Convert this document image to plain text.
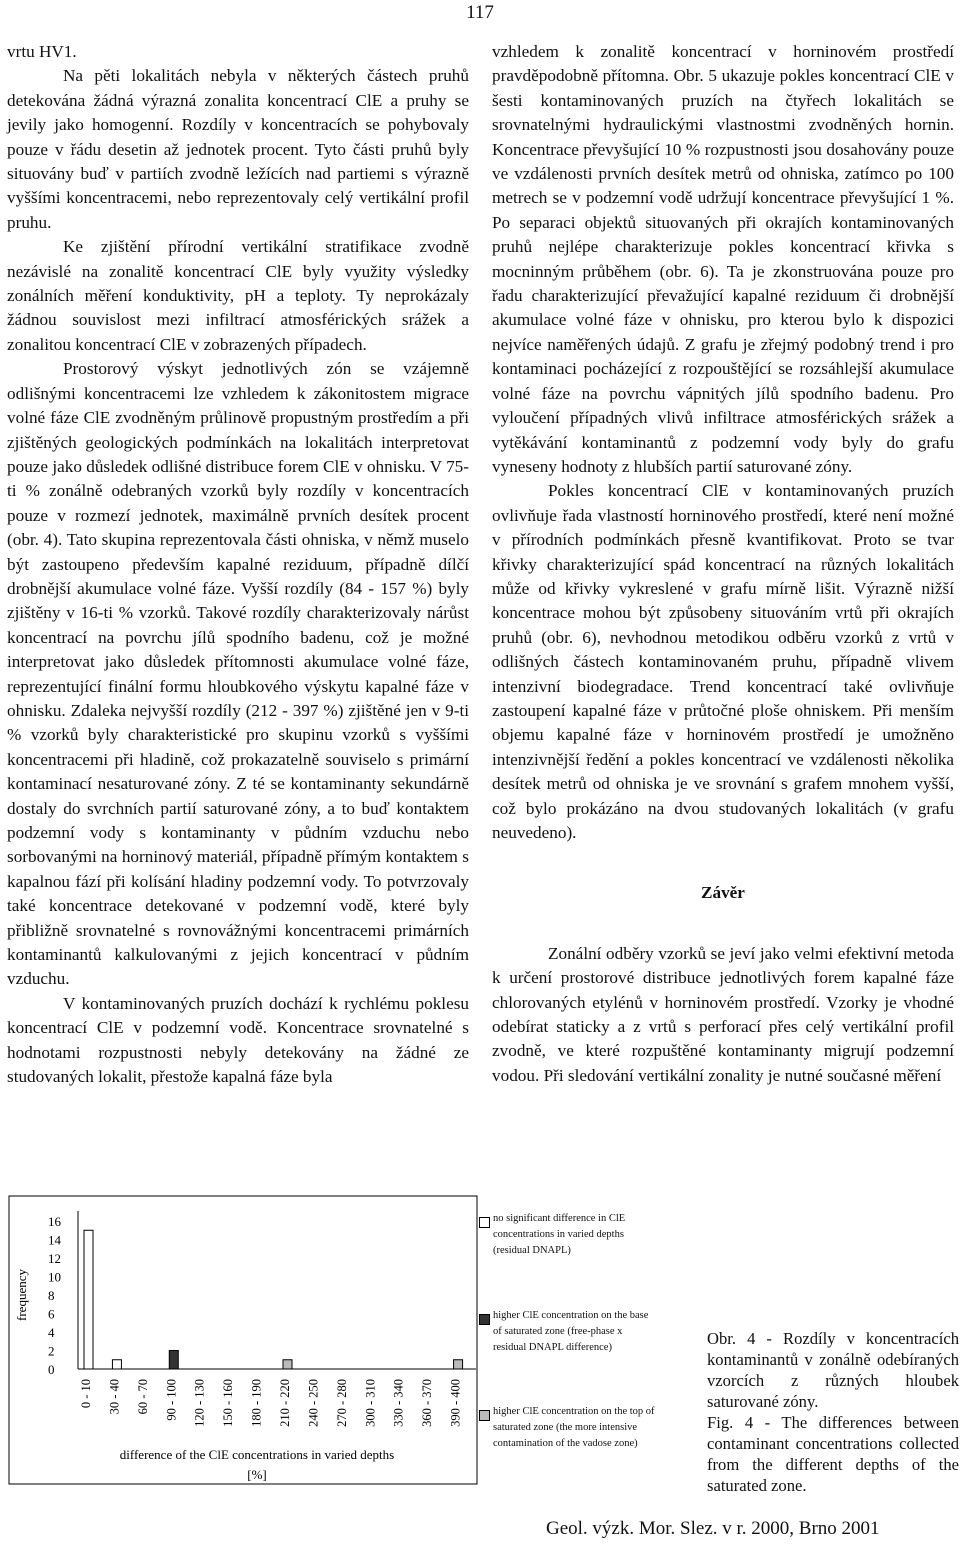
117

vrtu HV1.

Na pěti lokalitách nebyla v některých částech pruhů detekována žádná výrazná zonalita koncentrací ClE a pruhy se jevily jako homogenní. Rozdíly v koncentracích se pohybovaly pouze v řádu desetin až jednotek procent. Tyto části pruhů byly situovány buď v partiích zvodně ležících nad partiemi s výrazně vyššími koncentracemi, nebo reprezentovaly celý vertikální profil pruhu.

Ke zjištění přírodní vertikální stratifikace zvodně nezávislé na zonalitě koncentrací ClE byly využity výsledky zonálních měření konduktivity, pH a teploty. Ty neprokázaly žádnou souvislost mezi infiltrací atmosférických srážek a zonalitou koncentrací ClE v zobrazených případech.

Prostorový výskyt jednotlivých zón se vzájemně odlišnými koncentracemi lze vzhledem k zákonitostem migrace volné fáze ClE zvodněným průlinově propustným prostředím a při zjištěných geologických podmínkách na lokalitách interpretovat pouze jako důsledek odlišné distribuce forem ClE v ohnisku. V 75-ti % zonálně odebraných vzorků byly rozdíly v koncentracích pouze v rozmezí jednotek, maximálně prvních desítek procent (obr. 4). Tato skupina reprezentovala části ohniska, v němž muselo být zastoupeno především kapalné reziduum, případně dílčí drobnější akumulace volné fáze. Vyšší rozdíly (84 - 157 %) byly zjištěny v 16-ti % vzorků. Takové rozdíly charakterizovaly nárůst koncentrací na povrchu jílů spodního badenu, což je možné interpretovat jako důsledek přítomnosti akumulace volné fáze, reprezentující finální formu hloubkového výskytu kapalné fáze v ohnisku. Zdaleka nejvyšší rozdíly (212 - 397 %) zjištěné jen v 9-ti % vzorků byly charakteristické pro skupinu vzorků s vyššími koncentracemi při hladině, což prokazatelně souviselo s primární kontaminací nesaturované zóny. Z té se kontaminanty sekundárně dostaly do svrchních partií saturované zóny, a to buď kontaktem podzemní vody s kontaminanty v půdním vzduchu nebo sorbovanými na horninový materiál, případně přímým kontaktem s kapalnou fází při kolísání hladiny podzemní vody. To potvrzovaly také koncentrace detekované v podzemní vodě, které byly přibližně srovnatelné s rovnovážnými koncentracemi primárních kontaminantů kalkulovanými z jejich koncentrací v půdním vzduchu.

V kontaminovaných pruzích dochází k rychlému poklesu koncentrací ClE v podzemní vodě. Koncentrace srovnatelné s hodnotami rozpustnosti nebyly detekovány na žádné ze studovaných lokalit, přestože kapalná fáze byla

vzhledem k zonalitě koncentrací v horninovém prostředí pravděpodobně přítomna. Obr. 5 ukazuje pokles koncentrací ClE v šesti kontaminovaných pruzích na čtyřech lokalitách se srovnatelnými hydraulickými vlastnostmi zvodněných hornin. Koncentrace převyšující 10 % rozpustnosti jsou dosahovány pouze ve vzdálenosti prvních desítek metrů od ohniska, zatímco po 100 metrech se v podzemní vodě udržují koncentrace převyšující 1 %. Po separaci objektů situovaných při okrajích kontaminovaných pruhů nejlépe charakterizuje pokles koncentrací křivka s mocninným průběhem (obr. 6). Ta je zkonstruována pouze pro řadu charakterizující převažující kapalné reziduum či drobnější akumulace volné fáze v ohnisku, pro kterou bylo k dispozici nejvíce naměřených údajů. Z grafu je zřejmý podobný trend i pro kontaminaci pocházející z rozpouštějící se rozsáhlejší akumulace volné fáze na povrchu vápnitých jílů spodního badenu. Pro vyloučení případných vlivů infiltrace atmosférických srážek a vytěkávání kontaminantů z podzemní vody byly do grafu vyneseny hodnoty z hlubších partií saturované zóny.

Pokles koncentrací ClE v kontaminovaných pruzích ovlivňuje řada vlastností horninového prostředí, které není možné v přírodních podmínkách přesně kvantifikovat. Proto se tvar křivky charakterizující spád koncentrací na různých lokalitách může od křivky vykreslené v grafu mírně lišit. Výrazně nižší koncentrace mohou být způsobeny situováním vrtů při okrajích pruhů (obr. 6), nevhodnou metodikou odběru vzorků z vrtů v odlišných částech kontaminovaném pruhu, případně vlivem intenzivní biodegradace. Trend koncentrací také ovlivňuje zastoupení kapalné fáze v průtočné ploše ohniskem. Při menším objemu kapalné fáze v horninovém prostředí je umožněno intenzivnější ředění a pokles koncentrací ve vzdálenosti několika desítek metrů od ohniska je ve srovnání s grafem mnohem vyšší, což bylo prokázáno na dvou studovaných lokalitách (v grafu neuvedeno).

Závěr

Zonální odběry vzorků se jeví jako velmi efektivní metoda k určení prostorové distribuce jednotlivých forem kapalné fáze chlorovaných etylénů v horninovém prostředí. Vzorky je vhodné odebírat staticky a z vrtů s perforací přes celý vertikální profil zvodně, ve které rozpuštěné kontaminanty migrují podzemní vodou. Při sledování vertikální zonality je nutné současné měření

16
14
12
10
8
6
4
2
0
frequency
0 - 10 30 - 40 60 - 70 90 - 100 120 - 130 150 - 160 180 - 190 210 - 220 240 - 250 270 - 280 300 - 310 330 - 340 360 - 370 390 - 400
difference of the ClE concentrations in varied depths
[%]
no significant difference in ClE concentrations in varied depths (residual DNAPL)
higher ClE concentration on the base of saturated zone (free-phase x residual DNAPL difference)
higher ClE concentration on the top of saturated zone (the more intensive contamination of the vadose zone)

Obr. 4 - Rozdíly v koncentracích kontaminantů v zonálně odebíraných vzorcích z různých hloubek saturované zóny.

Fig. 4 - The differences between contaminant concentrations collected from the different depths of the saturated zone.

Geol. výzk. Mor. Slez. v r. 2000, Brno 2001
